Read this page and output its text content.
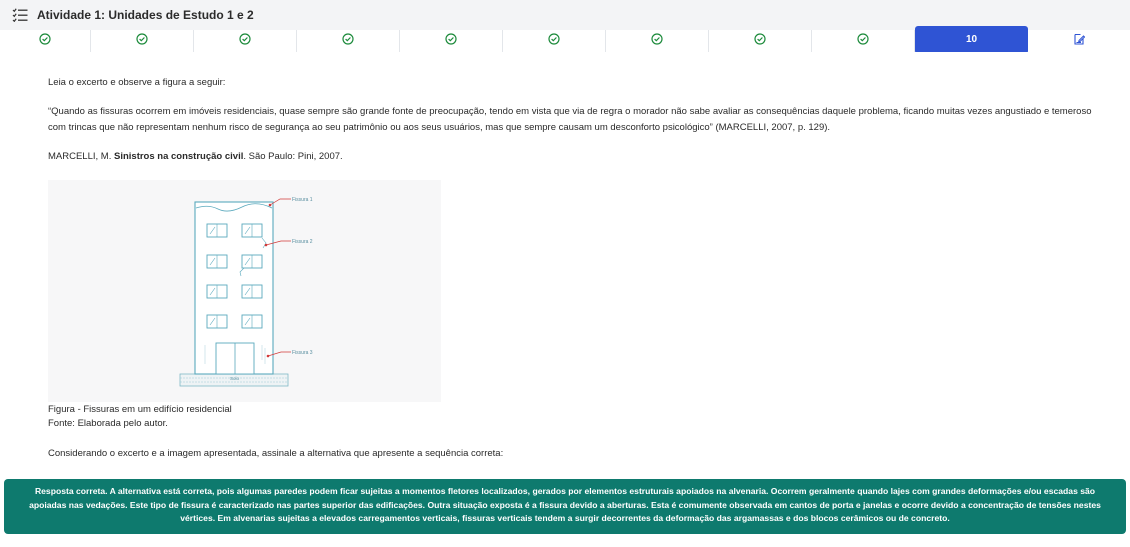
Atividade 1: Unidades de Estudo 1 e 2
10

Leia o excerto e observe a figura a seguir:

“Quando as fissuras ocorrem em imóveis residenciais, quase sempre são grande fonte de preocupação, tendo em vista que via de regra o morador não sabe avaliar as consequências daquele problema, ficando muitas vezes angustiado e temeroso com trincas que não representam nenhum risco de segurança ao seu patrimônio ou aos seus usuários, mas que sempre causam um desconforto psicológico” (MARCELLI, 2007, p. 129).

MARCELLI, M. Sinistros na construção civil. São Paulo: Pini, 2007.

Fissura 1
Fissura 2
Fissura 3
Solo

Figura - Fissuras em um edifício residencial

Fonte: Elaborada pelo autor.

Considerando o excerto e a imagem apresentada, assinale a alternativa que apresente a sequência correta:

Resposta correta. A alternativa está correta, pois algumas paredes podem ficar sujeitas a momentos fletores localizados, gerados por elementos estruturais apoiados na alvenaria. Ocorrem geralmente quando lajes com grandes deformações e/ou escadas são apoiadas nas vedações. Este tipo de fissura é caracterizado nas partes superior das edificações. Outra situação exposta é a fissura devido a aberturas. Esta é comumente observada em cantos de porta e janelas e ocorre devido a concentração de tensões nestes vértices. Em alvenarias sujeitas a elevados carregamentos verticais, fissuras verticais tendem a surgir decorrentes da deformação das argamassas e dos blocos cerâmicos ou de concreto.
